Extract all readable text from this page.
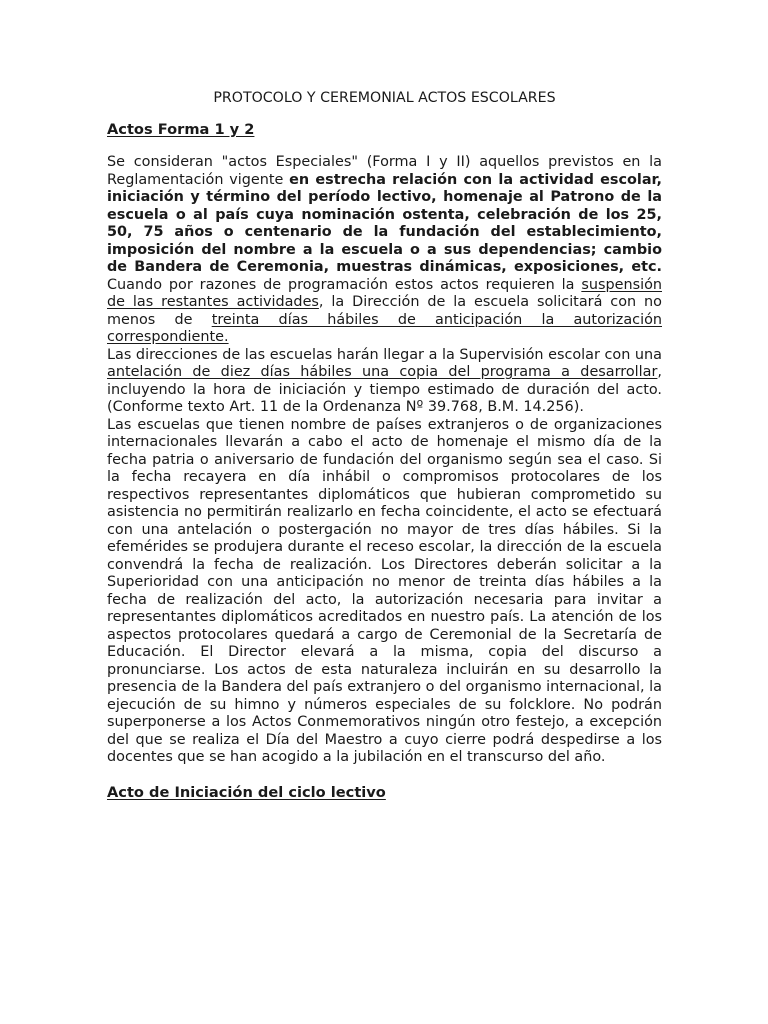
PROTOCOLO Y CEREMONIAL ACTOS ESCOLARES
Actos Forma 1 y 2

Se consideran "actos Especiales" (Forma I y II) aquellos previstos en la Reglamentación vigente en estrecha relación con la actividad escolar, iniciación y término del período lectivo, homenaje al Patrono de la escuela o al país cuya nominación ostenta, celebración de los 25, 50, 75 años o centenario de la fundación del establecimiento, imposición del nombre a la escuela o a sus dependencias; cambio de Bandera de Ceremonia, muestras dinámicas, exposiciones, etc. Cuando por razones de programación estos actos requieren la suspensión de las restantes actividades, la Dirección de la escuela solicitará con no menos de treinta días hábiles de anticipación la autorización correspondiente.

Las direcciones de las escuelas harán llegar a la Supervisión escolar con una antelación de diez días hábiles una copia del programa a desarrollar, incluyendo la hora de iniciación y tiempo estimado de duración del acto. (Conforme texto Art. 11 de la Ordenanza Nº 39.768, B.M. 14.256).

Las escuelas que tienen nombre de países extranjeros o de organizaciones internacionales llevarán a cabo el acto de homenaje el mismo día de la fecha patria o aniversario de fundación del organismo según sea el caso. Si la fecha recayera en día inhábil o compromisos protocolares de los respectivos representantes diplomáticos que hubieran comprometido su asistencia no permitirán realizarlo en fecha coincidente, el acto se efectuará con una antelación o postergación no mayor de tres días hábiles. Si la efemérides se produjera durante el receso escolar, la dirección de la escuela convendrá la fecha de realización. Los Directores deberán solicitar a la Superioridad con una anticipación no menor de treinta días hábiles a la fecha de realización del acto, la autorización necesaria para invitar a representantes diplomáticos acreditados en nuestro país. La atención de los aspectos protocolares quedará a cargo de Ceremonial de la Secretaría de Educación. El Director elevará a la misma, copia del discurso a pronunciarse. Los actos de esta naturaleza incluirán en su desarrollo la presencia de la Bandera del país extranjero o del organismo internacional, la ejecución de su himno y números especiales de su folcklore. No podrán superponerse a los Actos Conmemorativos ningún otro festejo, a excepción del que se realiza el Día del Maestro a cuyo cierre podrá despedirse a los docentes que se han acogido a la jubilación en el transcurso del año.

Acto de Iniciación del ciclo lectivo
